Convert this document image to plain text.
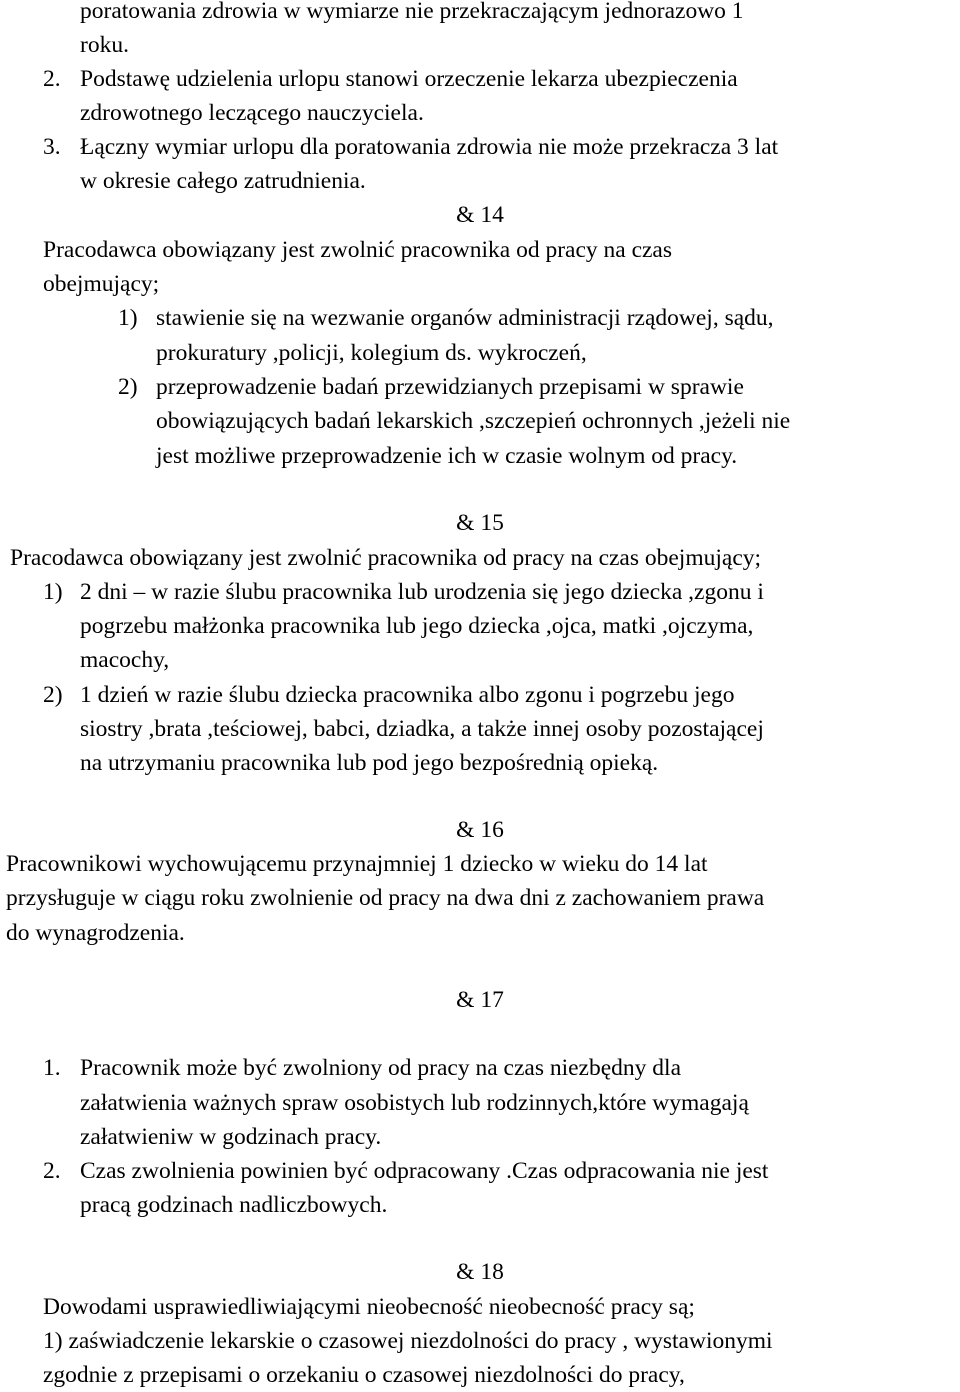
poratowania zdrowia w wymiarze nie przekraczającym jednorazowo 1
roku.
2. Podstawę udzielenia urlopu stanowi orzeczenie lekarza ubezpieczenia
zdrowotnego leczącego nauczyciela.
3. Łączny wymiar urlopu dla poratowania zdrowia nie może przekracza 3 lat
w okresie całego zatrudnienia.
& 14
Pracodawca obowiązany jest zwolnić pracownika od pracy na czas
obejmujący;
1) stawienie się na wezwanie organów administracji rządowej, sądu,
prokuratury ,policji, kolegium ds. wykroczeń,
2) przeprowadzenie badań przewidzianych przepisami w sprawie
obowiązujących badań lekarskich ,szczepień ochronnych ,jeżeli nie
jest możliwe przeprowadzenie ich w czasie wolnym od pracy.
& 15
Pracodawca obowiązany jest zwolnić pracownika od pracy na czas obejmujący;
1) 2 dni – w razie ślubu pracownika lub urodzenia się jego dziecka ,zgonu i
pogrzebu małżonka pracownika lub jego dziecka ,ojca, matki ,ojczyma,
macochy,
2) 1 dzień w razie ślubu dziecka pracownika albo zgonu i pogrzebu jego
siostry ,brata ,teściowej, babci, dziadka, a także innej osoby pozostającej
na utrzymaniu pracownika lub pod jego bezpośrednią opieką.
& 16
Pracownikowi wychowującemu przynajmniej 1 dziecko w wieku do 14 lat
przysługuje w ciągu roku zwolnienie od pracy na dwa dni z zachowaniem prawa
do wynagrodzenia.
& 17
1. Pracownik może być zwolniony od pracy na czas niezbędny dla
załatwienia ważnych spraw osobistych lub rodzinnych,które wymagają
załatwieniw w godzinach pracy.
2. Czas zwolnienia powinien być odpracowany .Czas odpracowania nie jest
pracą godzinach nadliczbowych.
& 18
Dowodami usprawiedliwiającymi nieobecność nieobecność pracy są;
1) zaświadczenie lekarskie o czasowej niezdolności do pracy , wystawionymi
zgodnie z przepisami o orzekaniu o czasowej niezdolności do pracy,
